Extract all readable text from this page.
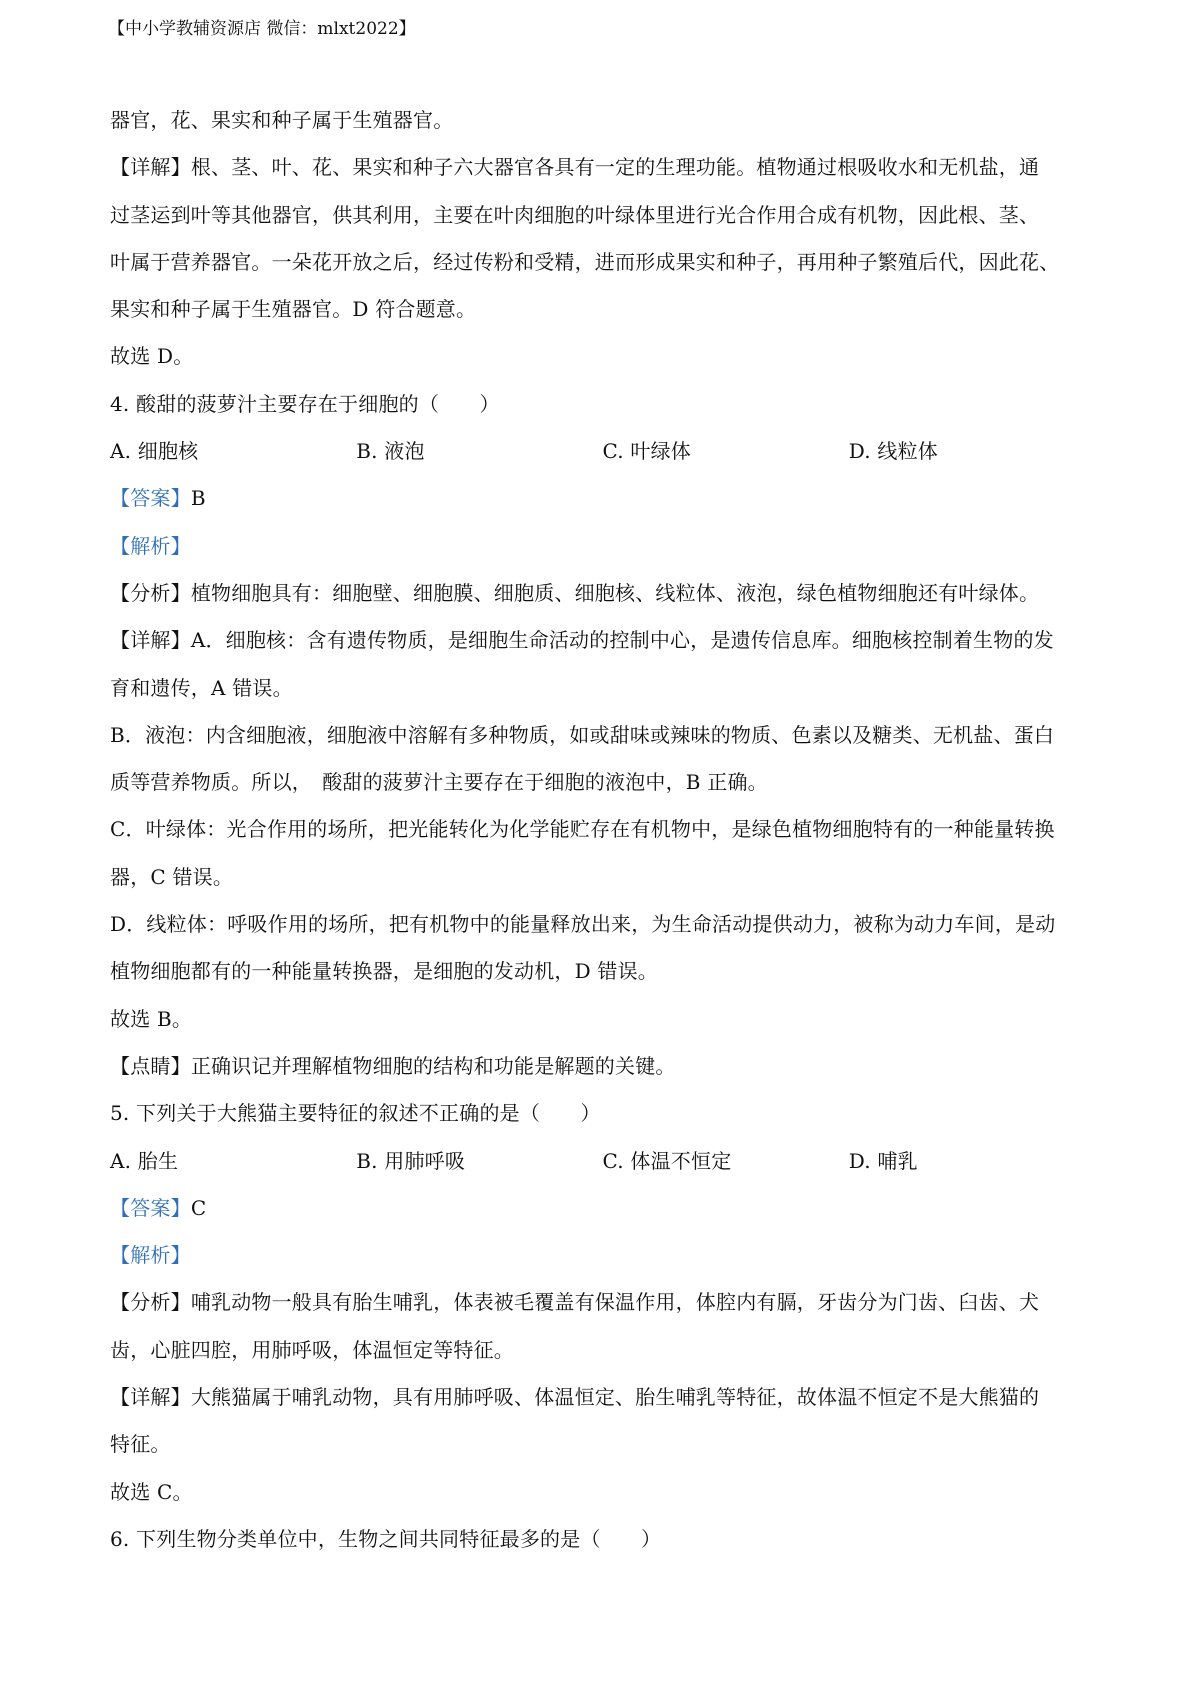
【中小学教辅资源店 微信：mlxt2022】
器官，花、果实和种子属于生殖器官。
【详解】根、茎、叶、花、果实和种子六大器官各具有一定的生理功能。植物通过根吸收水和无机盐，通
过茎运到叶等其他器官，供其利用，主要在叶肉细胞的叶绿体里进行光合作用合成有机物，因此根、茎、
叶属于营养器官。一朵花开放之后，经过传粉和受精，进而形成果实和种子，再用种子繁殖后代，因此花、
果实和种子属于生殖器官。D 符合题意。
故选 D。
4. 酸甜的菠萝汁主要存在于细胞的（　　）
A. 细胞核	B. 液泡	C. 叶绿体	D. 线粒体
【答案】B
【解析】
【分析】植物细胞具有：细胞壁、细胞膜、细胞质、细胞核、线粒体、液泡，绿色植物细胞还有叶绿体。
【详解】A．细胞核：含有遗传物质，是细胞生命活动的控制中心，是遗传信息库。细胞核控制着生物的发
育和遗传，A 错误。
B．液泡：内含细胞液，细胞液中溶解有多种物质，如或甜味或辣味的物质、色素以及糖类、无机盐、蛋白
质等营养物质。所以，　酸甜的菠萝汁主要存在于细胞的液泡中，B 正确。
C．叶绿体：光合作用的场所，把光能转化为化学能贮存在有机物中，是绿色植物细胞特有的一种能量转换
器，C 错误。
D．线粒体：呼吸作用的场所，把有机物中的能量释放出来，为生命活动提供动力，被称为动力车间，是动
植物细胞都有的一种能量转换器，是细胞的发动机，D 错误。
故选 B。
【点睛】正确识记并理解植物细胞的结构和功能是解题的关键。
5. 下列关于大熊猫主要特征的叙述不正确的是（　　）
A. 胎生	B. 用肺呼吸	C. 体温不恒定	D. 哺乳
【答案】C
【解析】
【分析】哺乳动物一般具有胎生哺乳，体表被毛覆盖有保温作用，体腔内有膈，牙齿分为门齿、臼齿、犬
齿，心脏四腔，用肺呼吸，体温恒定等特征。
【详解】大熊猫属于哺乳动物，具有用肺呼吸、体温恒定、胎生哺乳等特征，故体温不恒定不是大熊猫的
特征。
故选 C。
6. 下列生物分类单位中，生物之间共同特征最多的是（　　）
